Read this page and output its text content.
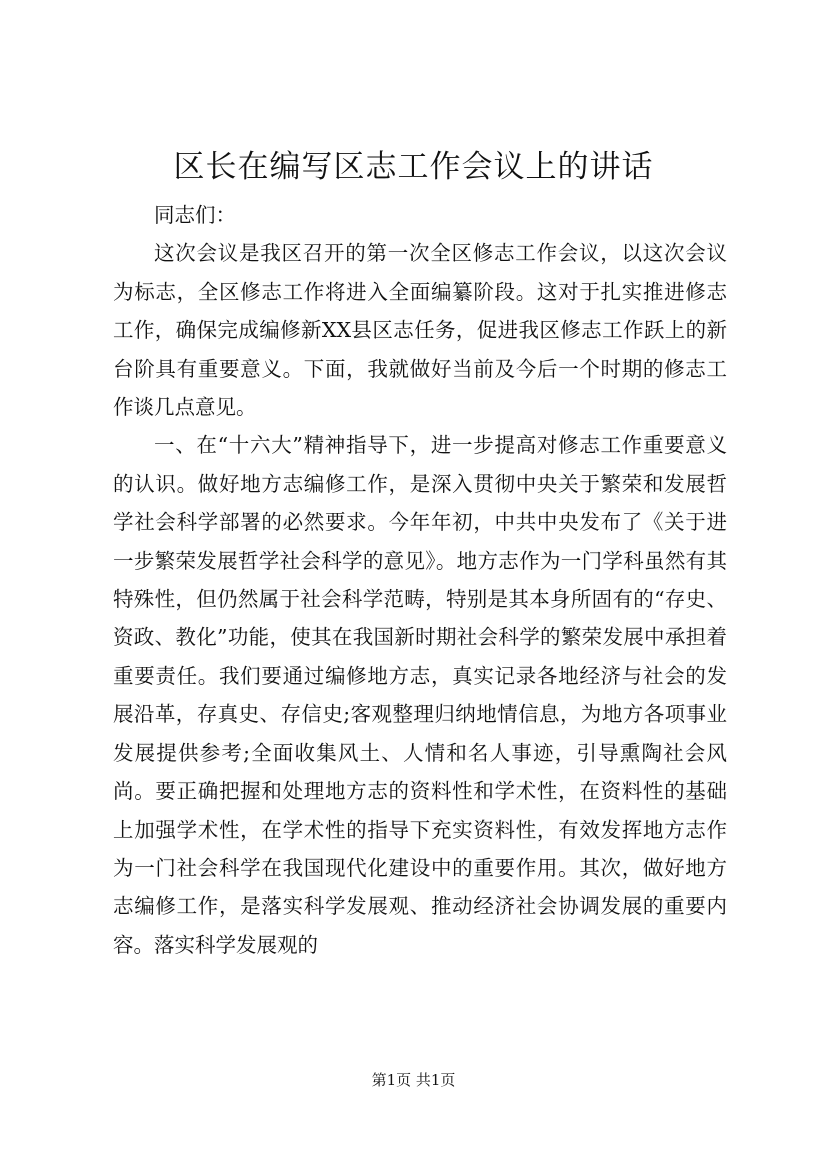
区长在编写区志工作会议上的讲话

同志们：

这次会议是我区召开的第一次全区修志工作会议，以这次会议为标志，全区修志工作将进入全面编纂阶段。这对于扎实推进修志工作，确保完成编修新XX县区志任务，促进我区修志工作跃上的新台阶具有重要意义。下面，我就做好当前及今后一个时期的修志工作谈几点意见。

一、在“十六大”精神指导下，进一步提高对修志工作重要意义的认识。做好地方志编修工作，是深入贯彻中央关于繁荣和发展哲学社会科学部署的必然要求。今年年初，中共中央发布了《关于进一步繁荣发展哲学社会科学的意见》。地方志作为一门学科虽然有其特殊性，但仍然属于社会科学范畴，特别是其本身所固有的“存史、资政、教化”功能，使其在我国新时期社会科学的繁荣发展中承担着重要责任。我们要通过编修地方志，真实记录各地经济与社会的发展沿革，存真史、存信史;客观整理归纳地情信息，为地方各项事业发展提供参考;全面收集风土、人情和名人事迹，引导熏陶社会风尚。要正确把握和处理地方志的资料性和学术性，在资料性的基础上加强学术性，在学术性的指导下充实资料性，有效发挥地方志作为一门社会科学在我国现代化建设中的重要作用。其次，做好地方志编修工作，是落实科学发展观、推动经济社会协调发展的重要内容。落实科学发展观的

第1页 共1页
